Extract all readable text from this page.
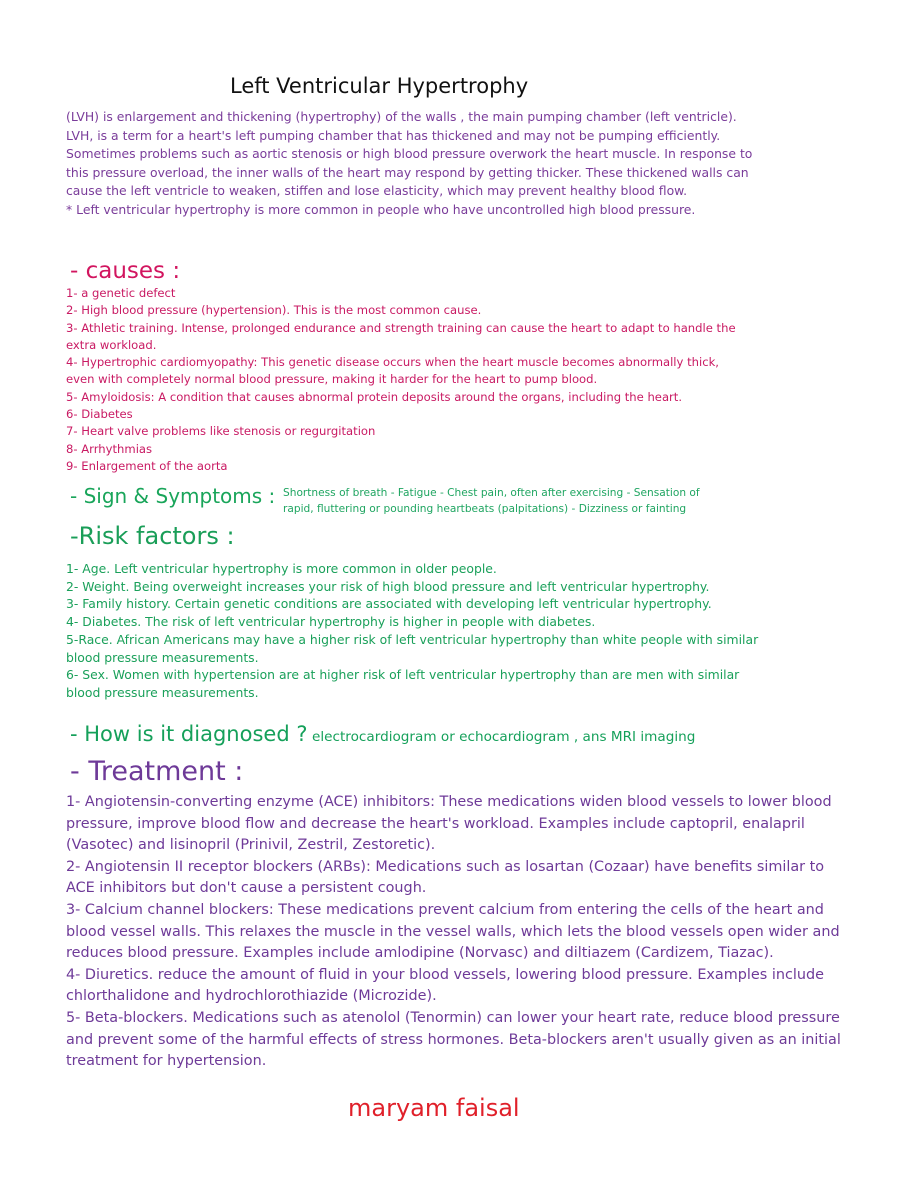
Left Ventricular Hypertrophy

(LVH) is enlargement and thickening (hypertrophy) of the walls , the main pumping chamber (left ventricle).

LVH, is a term for a heart's left pumping chamber that has thickened and may not be pumping efficiently. Sometimes problems such as aortic stenosis or high blood pressure overwork the heart muscle. In response to this pressure overload, the inner walls of the heart may respond by getting thicker. These thickened walls can cause the left ventricle to weaken, stiffen and lose elasticity, which may prevent healthy blood flow.

* Left ventricular hypertrophy is more common in people who have uncontrolled high blood pressure.

- causes :

1- a genetic defect

2- High blood pressure (hypertension). This is the most common cause.

3- Athletic training. Intense, prolonged endurance and strength training can cause the heart to adapt to handle the extra workload.

4- Hypertrophic cardiomyopathy: This genetic disease occurs when the heart muscle becomes abnormally thick, even with completely normal blood pressure, making it harder for the heart to pump blood.

5- Amyloidosis: A condition that causes abnormal protein deposits around the organs, including the heart.

6- Diabetes

7- Heart valve problems like stenosis or regurgitation

8- Arrhythmias

9- Enlargement of the aorta

- Sign & Symptoms : Shortness of breath - Fatigue - Chest pain, often after exercising - Sensation of rapid, fluttering or pounding heartbeats (palpitations) - Dizziness or fainting
-Risk factors :

1- Age. Left ventricular hypertrophy is more common in older people.

2- Weight. Being overweight increases your risk of high blood pressure and left ventricular hypertrophy.

3- Family history. Certain genetic conditions are associated with developing left ventricular hypertrophy.

4- Diabetes. The risk of left ventricular hypertrophy is higher in people with diabetes.

5-Race. African Americans may have a higher risk of left ventricular hypertrophy than white people with similar blood pressure measurements.

6- Sex. Women with hypertension are at higher risk of left ventricular hypertrophy than are men with similar blood pressure measurements.

- How is it diagnosed ? electrocardiogram or echocardiogram , ans MRI imaging
- Treatment :

1- Angiotensin-converting enzyme (ACE) inhibitors: These medications widen blood vessels to lower blood pressure, improve blood flow and decrease the heart's workload. Examples include captopril, enalapril (Vasotec) and lisinopril (Prinivil, Zestril, Zestoretic).

2- Angiotensin II receptor blockers (ARBs): Medications such as losartan (Cozaar) have benefits similar to ACE inhibitors but don't cause a persistent cough.

3- Calcium channel blockers: These medications prevent calcium from entering the cells of the heart and blood vessel walls. This relaxes the muscle in the vessel walls, which lets the blood vessels open wider and reduces blood pressure. Examples include amlodipine (Norvasc) and diltiazem (Cardizem, Tiazac).

4- Diuretics. reduce the amount of fluid in your blood vessels, lowering blood pressure. Examples include chlorthalidone and hydrochlorothiazide (Microzide).

5- Beta-blockers. Medications such as atenolol (Tenormin) can lower your heart rate, reduce blood pressure and prevent some of the harmful effects of stress hormones. Beta-blockers aren't usually given as an initial treatment for hypertension.

maryam faisal
